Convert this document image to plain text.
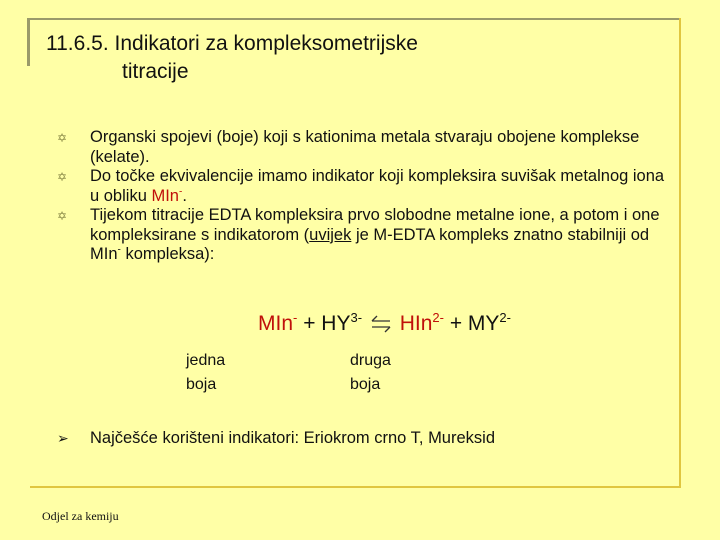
11.6.5. Indikatori za kompleksometrijske
titracije
✡ Organski spojevi (boje) koji s kationima metala stvaraju obojene kompleksе (kelate).
✡ Do točke ekvivalencije imamo indikator koji kompleksira suvišak metalnog iona u obliku MIn-.
✡ Tijekom titracije EDTA kompleksira prvo slobodne metalne ione, a potom i one kompleksirane s indikatorom (uvijek je M-EDTA kompleks znatno stabilniji od MIn- kompleksa):
$MIn^- + HY^{3-}$ ⇌ $HIn^{2-} + MY^{2-}$
jedna
boja
druga
boja
➢ Najčešće korišteni indikatori: Eriokrom crno T, Mureksid
Odjel za kemiju
